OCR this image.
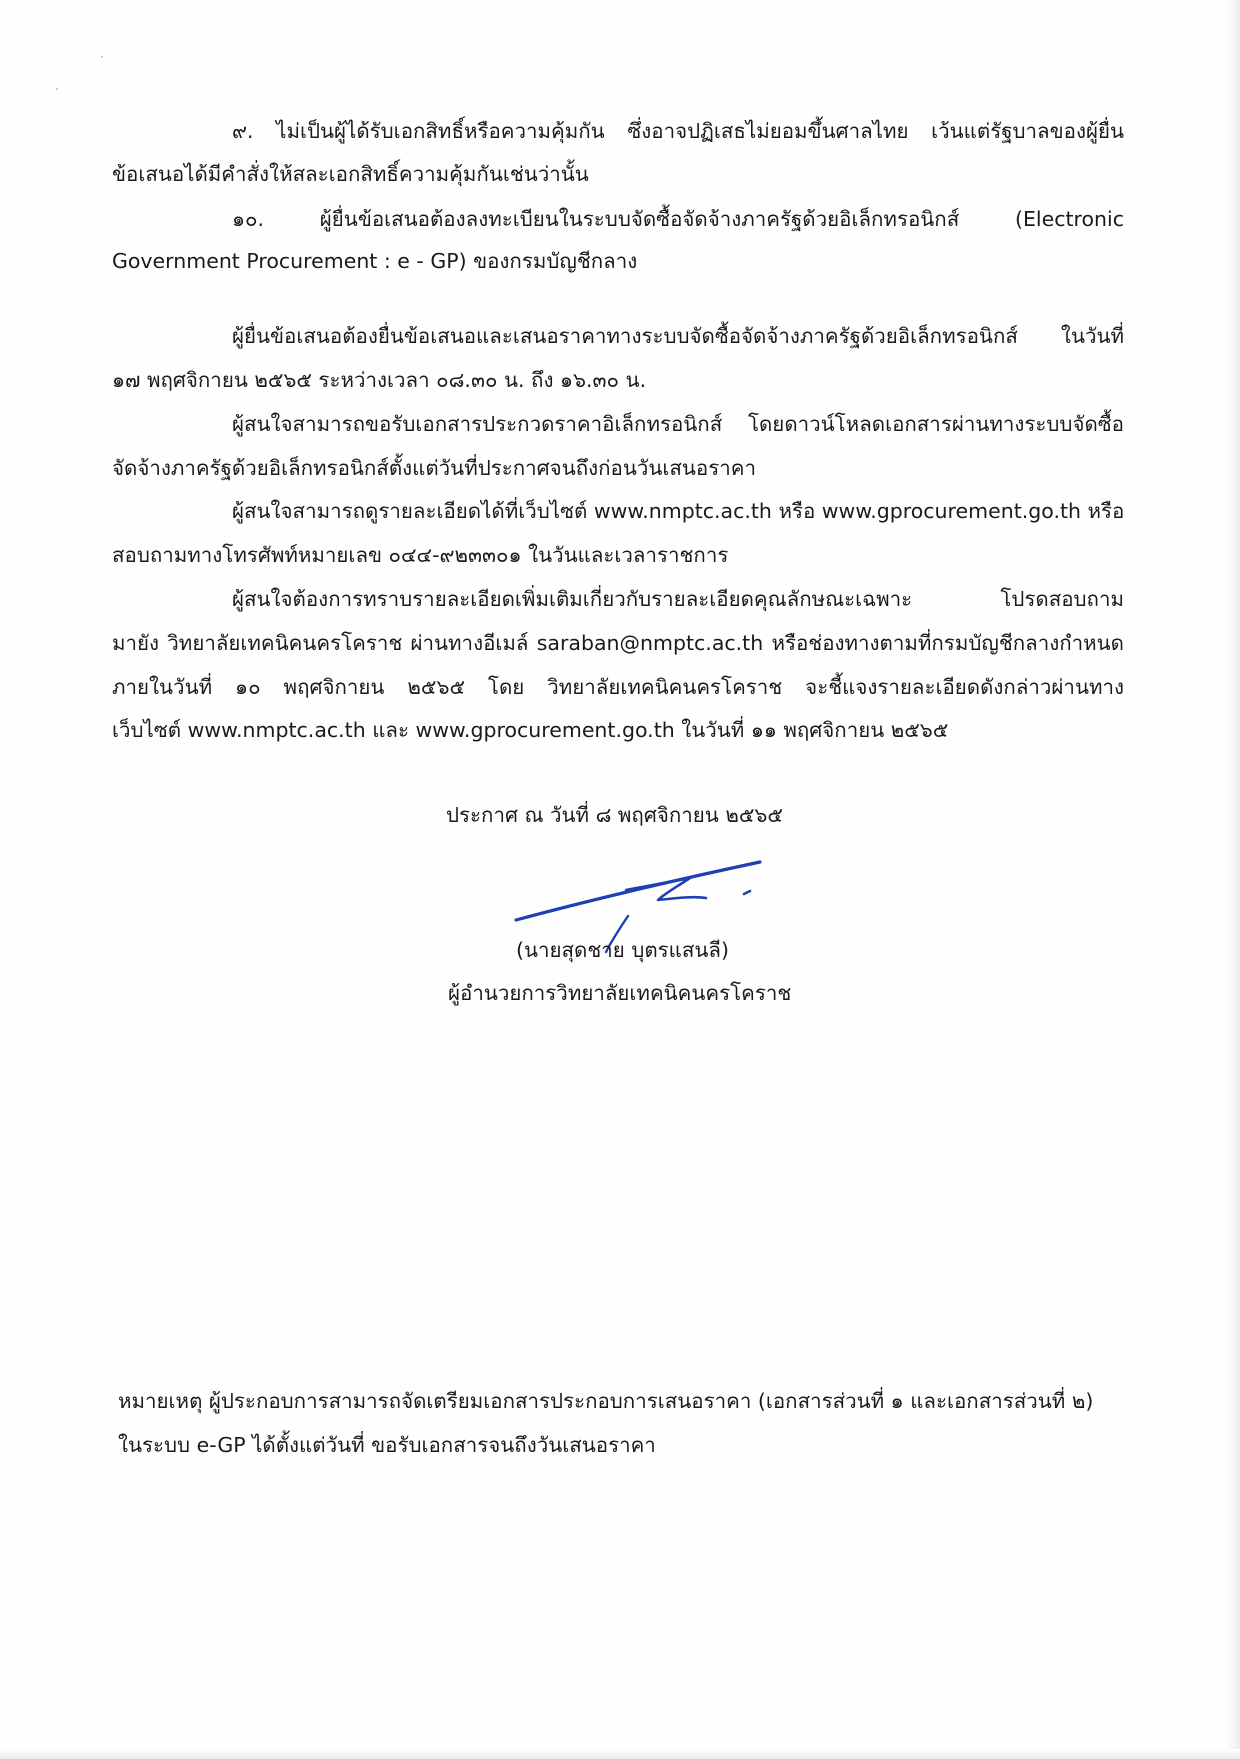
๙. ไม่เป็นผู้ได้รับเอกสิทธิ์หรือความคุ้มกัน ซึ่งอาจปฏิเสธไม่ยอมขึ้นศาลไทย เว้นแต่รัฐบาลของผู้ยื่น
ข้อเสนอได้มีคำสั่งให้สละเอกสิทธิ์ความคุ้มกันเช่นว่านั้น
๑๐. ผู้ยื่นข้อเสนอต้องลงทะเบียนในระบบจัดซื้อจัดจ้างภาครัฐด้วยอิเล็กทรอนิกส์ (Electronic
Government Procurement : e - GP) ของกรมบัญชีกลาง
ผู้ยื่นข้อเสนอต้องยื่นข้อเสนอและเสนอราคาทางระบบจัดซื้อจัดจ้างภาครัฐด้วยอิเล็กทรอนิกส์ ในวันที่
๑๗ พฤศจิกายน ๒๕๖๕ ระหว่างเวลา ๐๘.๓๐ น. ถึง ๑๖.๓๐ น.
ผู้สนใจสามารถขอรับเอกสารประกวดราคาอิเล็กทรอนิกส์ โดยดาวน์โหลดเอกสารผ่านทางระบบจัดซื้อ
จัดจ้างภาครัฐด้วยอิเล็กทรอนิกส์ตั้งแต่วันที่ประกาศจนถึงก่อนวันเสนอราคา
ผู้สนใจสามารถดูรายละเอียดได้ที่เว็บไซต์ www.nmptc.ac.th หรือ www.gprocurement.go.th หรือ
สอบถามทางโทรศัพท์หมายเลข ๐๔๔-๙๒๓๓๐๑ ในวันและเวลาราชการ
ผู้สนใจต้องการทราบรายละเอียดเพิ่มเติมเกี่ยวกับรายละเอียดคุณลักษณะเฉพาะ โปรดสอบถาม
มายัง วิทยาลัยเทคนิคนครโคราช ผ่านทางอีเมล์ saraban@nmptc.ac.th หรือช่องทางตามที่กรมบัญชีกลางกำหนด
ภายในวันที่ ๑๐ พฤศจิกายน ๒๕๖๕ โดย วิทยาลัยเทคนิคนครโคราช จะชี้แจงรายละเอียดดังกล่าวผ่านทาง
เว็บไซต์ www.nmptc.ac.th และ www.gprocurement.go.th ในวันที่ ๑๑ พฤศจิกายน ๒๕๖๕
ประกาศ ณ วันที่ ๘ พฤศจิกายน ๒๕๖๕
(นายสุดชาย บุตรแสนลี)
ผู้อำนวยการวิทยาลัยเทคนิคนครโคราช
หมายเหตุ ผู้ประกอบการสามารถจัดเตรียมเอกสารประกอบการเสนอราคา (เอกสารส่วนที่ ๑ และเอกสารส่วนที่ ๒)
ในระบบ e-GP ได้ตั้งแต่วันที่ ขอรับเอกสารจนถึงวันเสนอราคา
